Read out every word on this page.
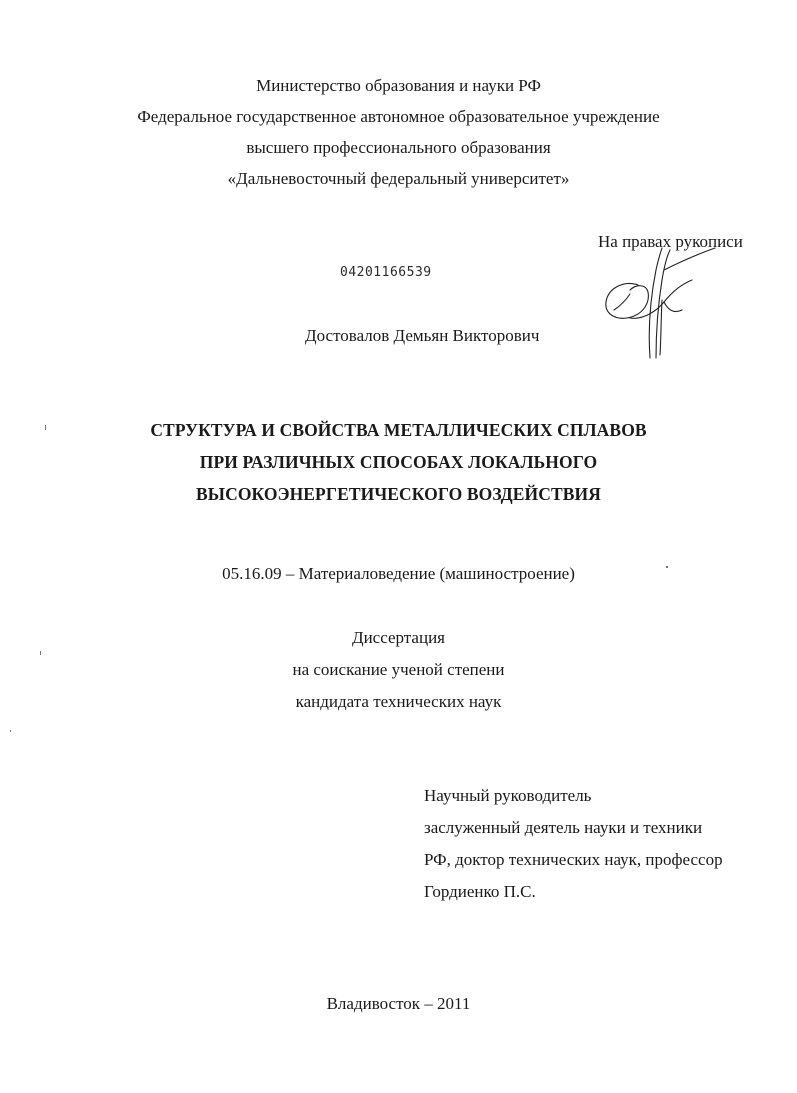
Министерство образования и науки РФ
Федеральное государственное автономное образовательное учреждение
высшего профессионального образования
«Дальневосточный федеральный университет»
На правах рукописи
04201166539
Достовалов Демьян Викторович
СТРУКТУРА И СВОЙСТВА МЕТАЛЛИЧЕСКИХ СПЛАВОВ
ПРИ РАЗЛИЧНЫХ СПОСОБАХ ЛОКАЛЬНОГО
ВЫСОКОЭНЕРГЕТИЧЕСКОГО ВОЗДЕЙСТВИЯ
05.16.09 – Материаловедение (машиностроение)
Диссертация
на соискание ученой степени
кандидата технических наук
Научный руководитель
заслуженный деятель науки и техники
РФ, доктор технических наук, профессор
Гордиенко П.С.
Владивосток – 2011
